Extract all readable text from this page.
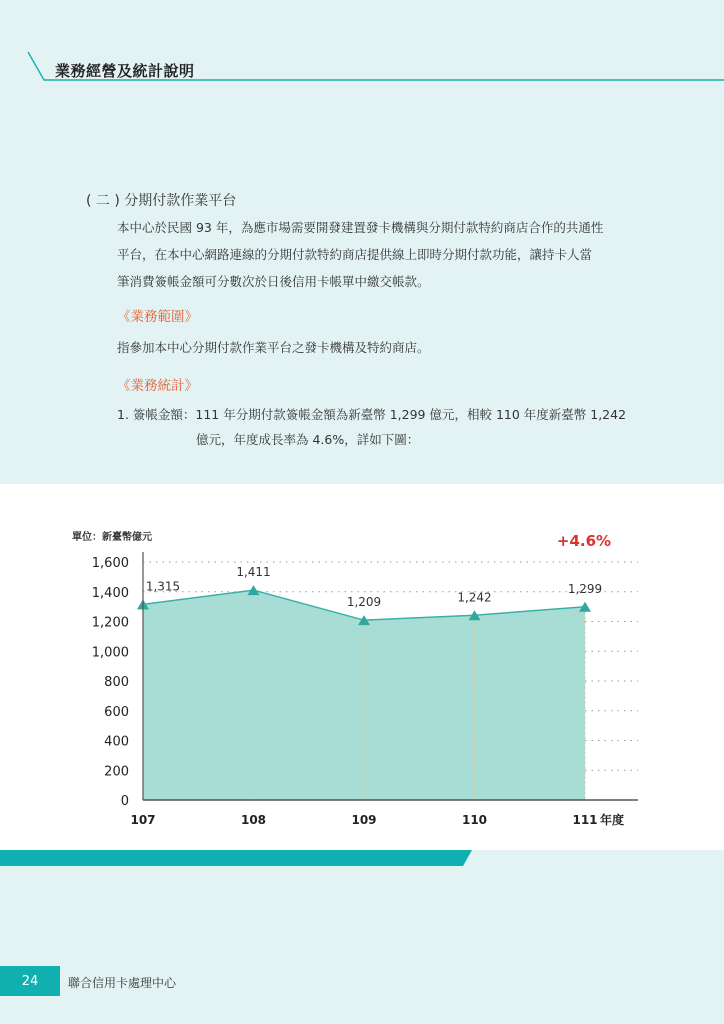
業務經營及統計說明
( 二 ) 分期付款作業平台
本中心於民國 93 年，為應市場需要開發建置發卡機構與分期付款特約商店合作的共通性
平台，在本中心網路連線的分期付款特約商店提供線上即時分期付款功能，讓持卡人當
筆消費簽帳金額可分數次於日後信用卡帳單中繳交帳款。
《業務範圍》
指參加本中心分期付款作業平台之發卡機構及特約商店。
《業務統計》
1. 簽帳金額：111 年分期付款簽帳金額為新臺幣 1,299 億元，相較 110 年度新臺幣 1,242
億元，年度成長率為 4.6%，詳如下圖：
+4.6%
單位：新臺幣億元
0
200
400
600
800
1,000
1,200
1,400
1,600
1,315
107
1,411
108
1,209
109
1,242
110
1,299
111 年度
24	聯合信用卡處理中心
